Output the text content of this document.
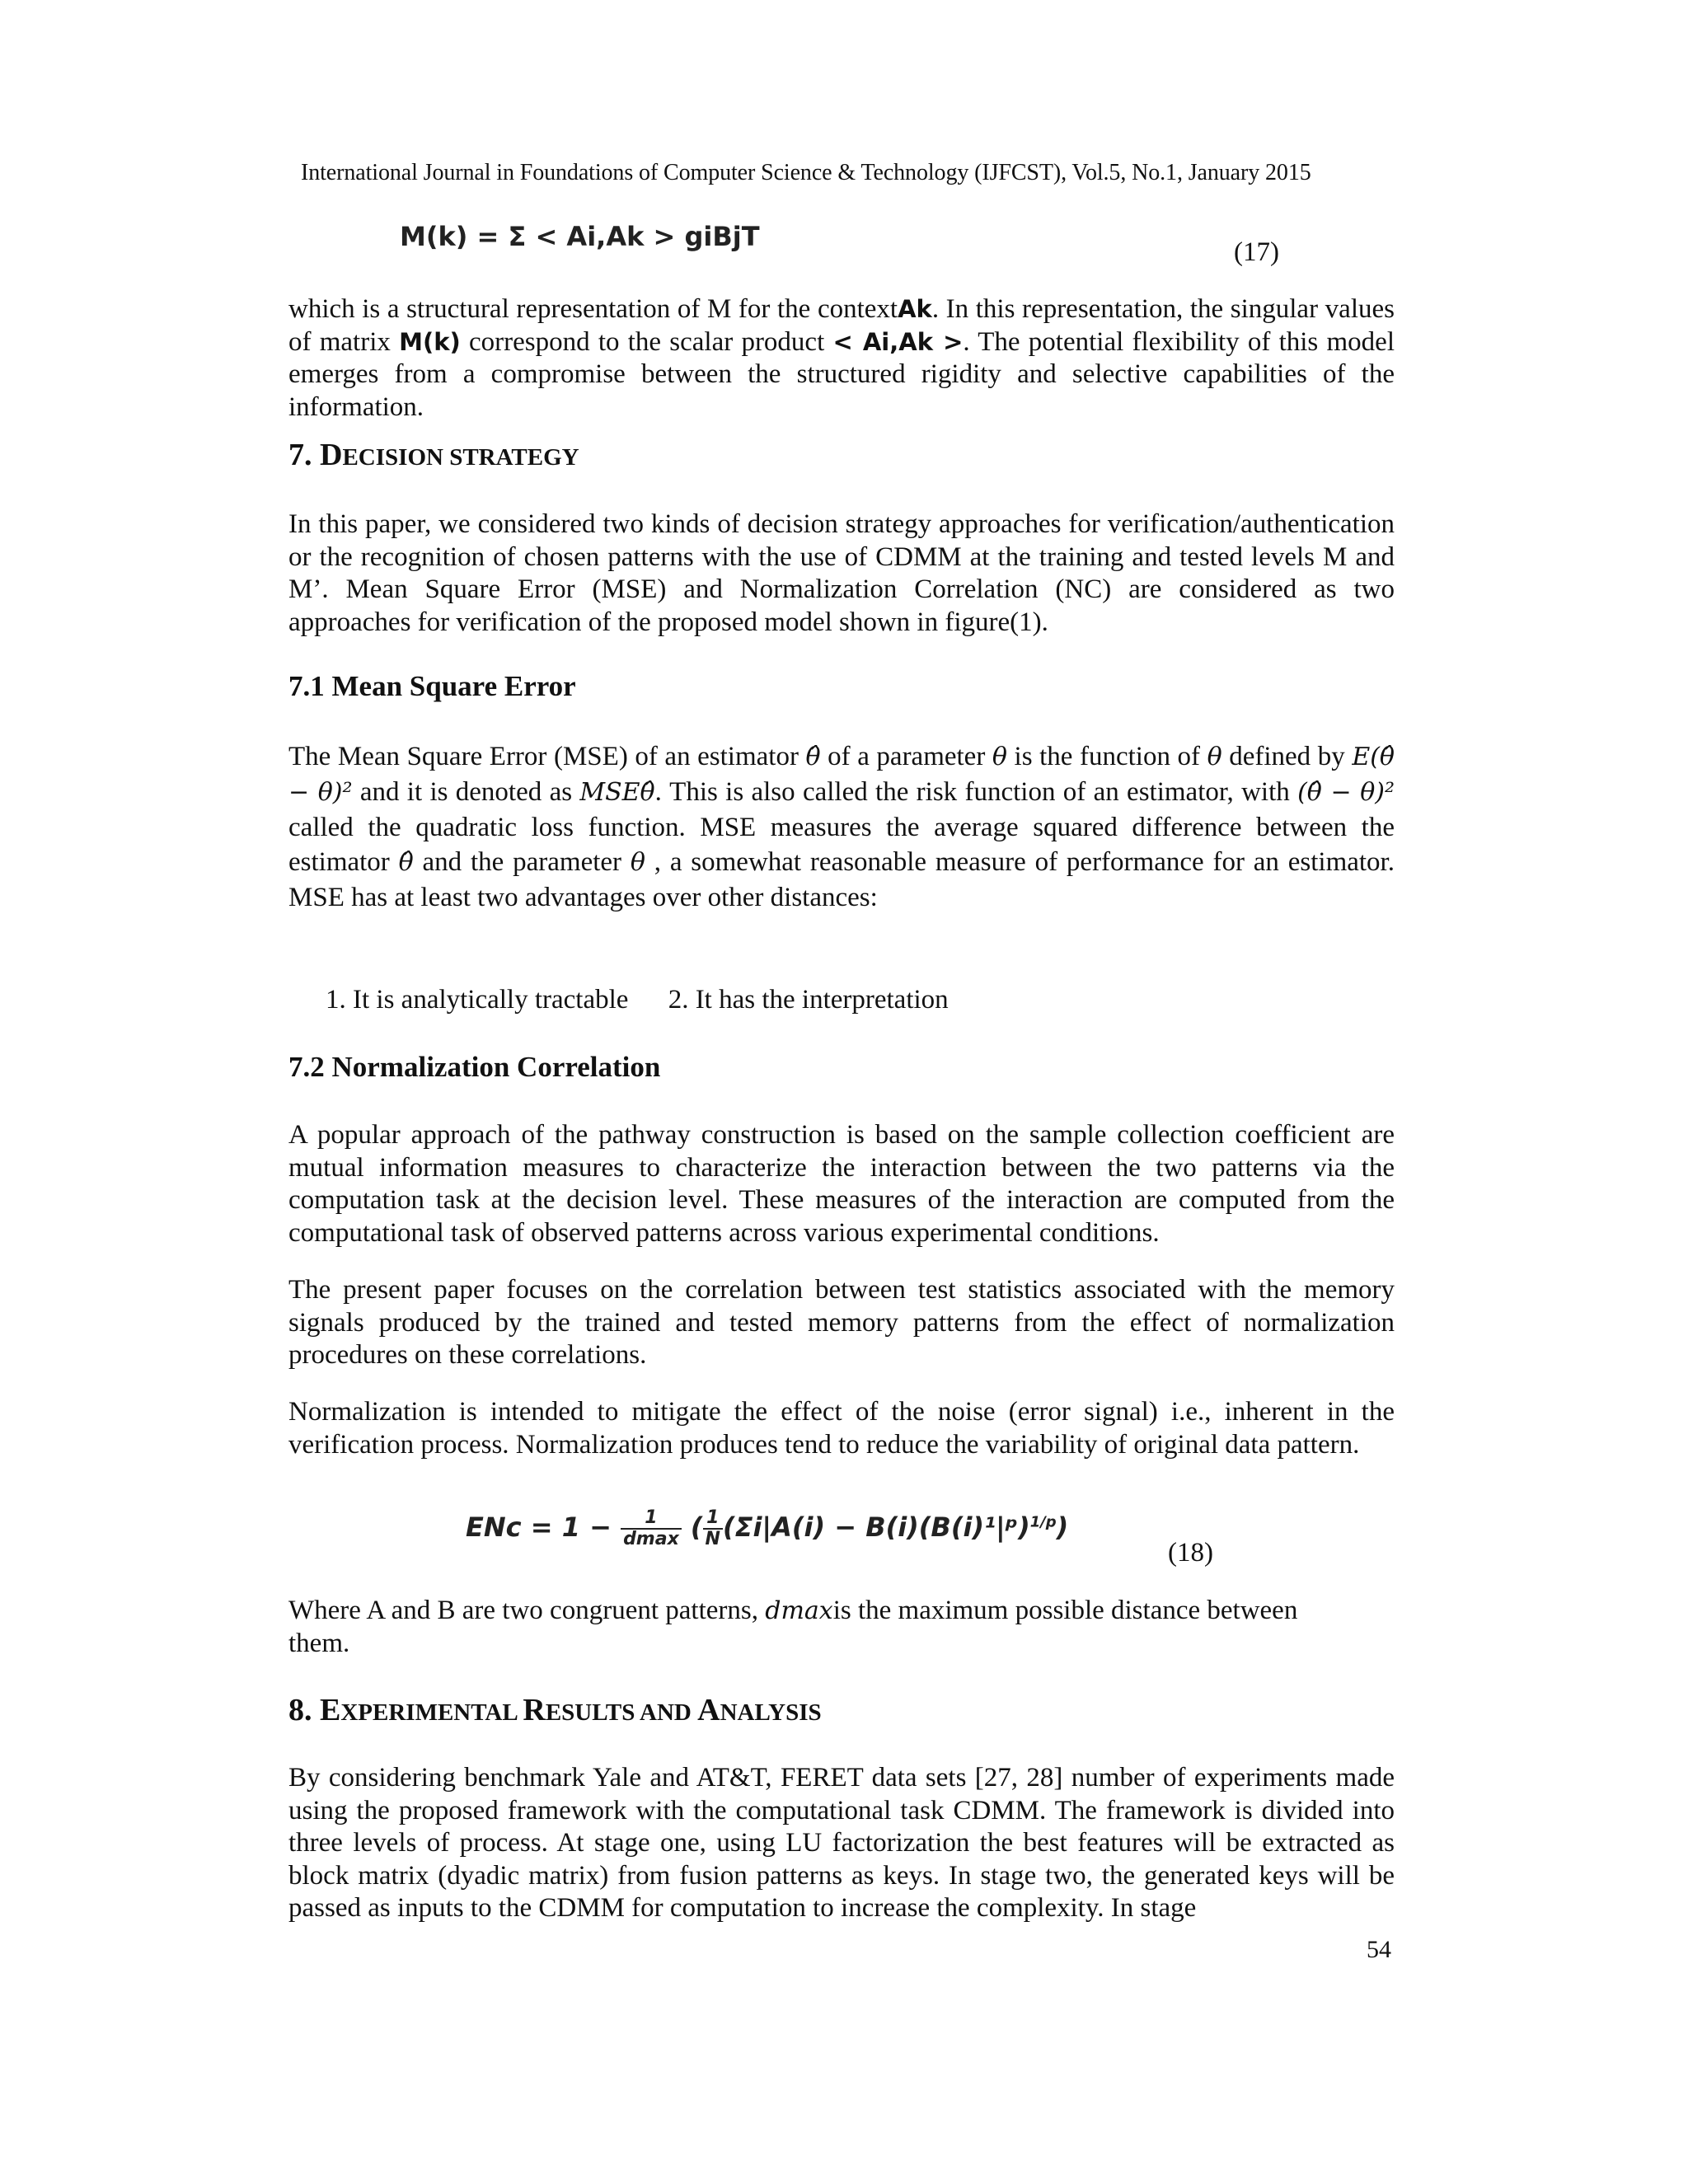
International Journal in Foundations of Computer Science & Technology (IJFCST), Vol.5, No.1, January 2015
M(k) = Σ < Ai,Ak > giBjT	(17)

which is a structural representation of M for the contextAk. In this representation, the singular values of matrix M(k) correspond to the scalar product < Ai,Ak >. The potential flexibility of this model emerges from a compromise between the structured rigidity and selective capabilities of the information.

7. DECISION STRATEGY

In this paper, we considered two kinds of decision strategy approaches for verification/authentication or the recognition of chosen patterns with the use of CDMM at the training and tested levels M and M’. Mean Square Error (MSE) and Normalization Correlation (NC) are considered as two approaches for verification of the proposed model shown in figure(1).

7.1 Mean Square Error

The Mean Square Error (MSE) of an estimator θ̂ of a parameter θ is the function of θ defined by E(θ̂ − θ)² and it is denoted as MSEθ̂. This is also called the risk function of an estimator, with (θ̂ − θ)² called the quadratic loss function. MSE measures the average squared difference between the estimator θ̂ and the parameter θ , a somewhat reasonable measure of performance for an estimator. MSE has at least two advantages over other distances:

1. It is analytically tractable 2. It has the interpretation
7.2 Normalization Correlation

A popular approach of the pathway construction is based on the sample collection coefficient are mutual information measures to characterize the interaction between the two patterns via the computation task at the decision level. These measures of the interaction are computed from the computational task of observed patterns across various experimental conditions.

The present paper focuses on the correlation between test statistics associated with the memory signals produced by the trained and tested memory patterns from the effect of normalization procedures on these correlations.

Normalization is intended to mitigate the effect of the noise (error signal) i.e., inherent in the verification process. Normalization produces tend to reduce the variability of original data pattern.

ENc = $1 - \frac{1}{dmax}$ ( $\frac{1}{N} (\Sigma i|A(i)$ − B(i)(B(i)¹|ᵖ)$^{1/p}$)
(18)

Where A and B are two congruent patterns, dmaxis the maximum possible distance between them.

8. EXPERIMENTAL RESULTS AND ANALYSIS

By considering benchmark Yale and AT&T, FERET data sets [27, 28] number of experiments made using the proposed framework with the computational task CDMM. The framework is divided into three levels of process. At stage one, using LU factorization the best features will be extracted as block matrix (dyadic matrix) from fusion patterns as keys. In stage two, the generated keys will be passed as inputs to the CDMM for computation to increase the complexity. In stage

54
